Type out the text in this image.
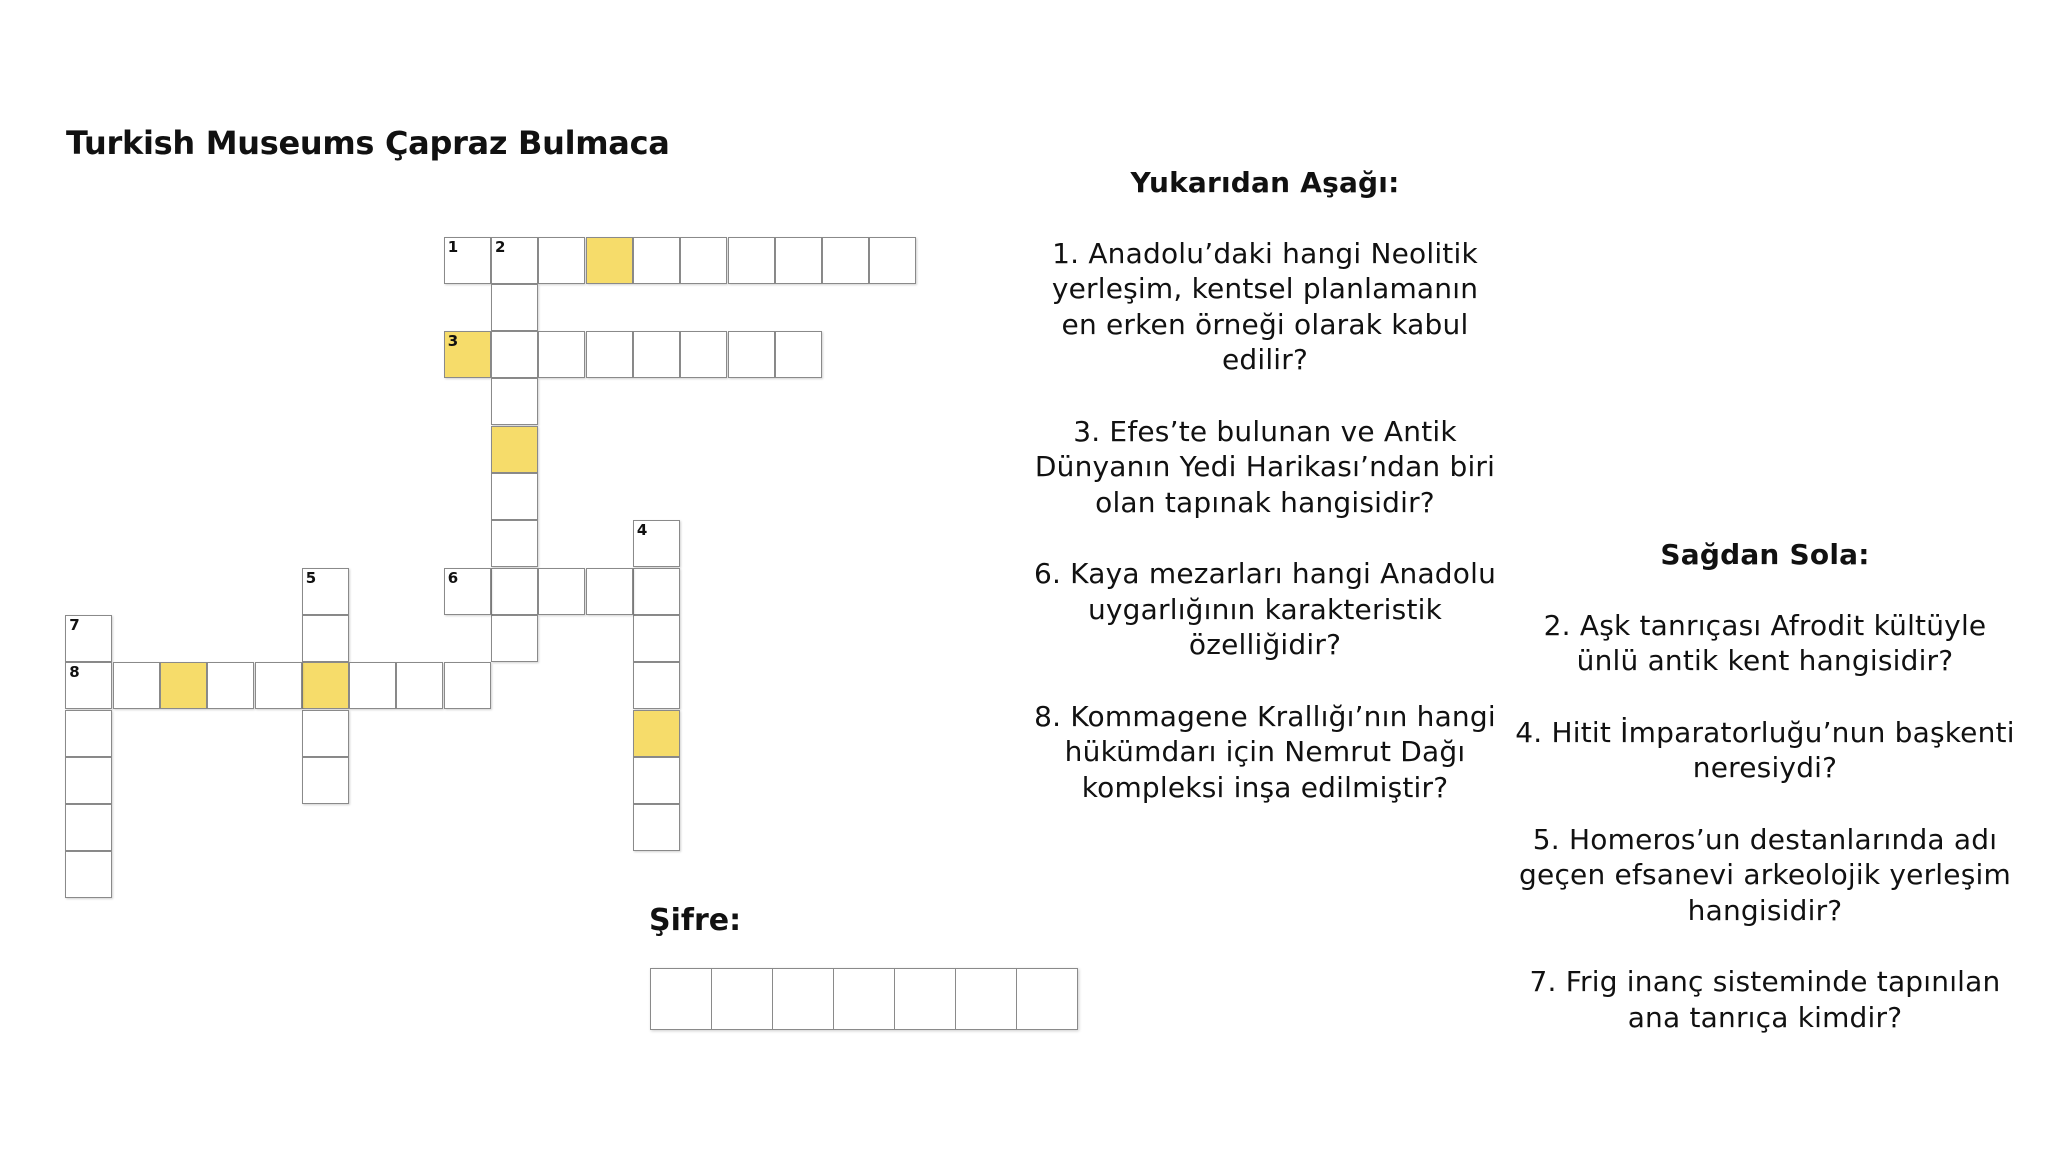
Turkish Museums Çapraz Bulmaca
1 2
3
4
5	6
7
8
Yukarıdan Aşağı:

1. Anadolu’daki hangi Neolitik yerleşim, kentsel planlamanın en erken örneği olarak kabul edilir?

3. Efes’te bulunan ve Antik Dünyanın Yedi Harikası’ndan biri olan tapınak hangisidir?

6. Kaya mezarları hangi Anadolu uygarlığının karakteristik özelliğidir?

8. Kommagene Krallığı’nın hangi hükümdarı için Nemrut Dağı kompleksi inşa edilmiştir?

Sağdan Sola:

2. Aşk tanrıçası Afrodit kültüyle ünlü antik kent hangisidir?

4. Hitit İmparatorluğu’nun başkenti neresiydi?

5. Homeros’un destanlarında adı geçen efsanevi arkeolojik yerleşim hangisidir?

7. Frig inanç sisteminde tapınılan ana tanrıça kimdir?

Şifre:
